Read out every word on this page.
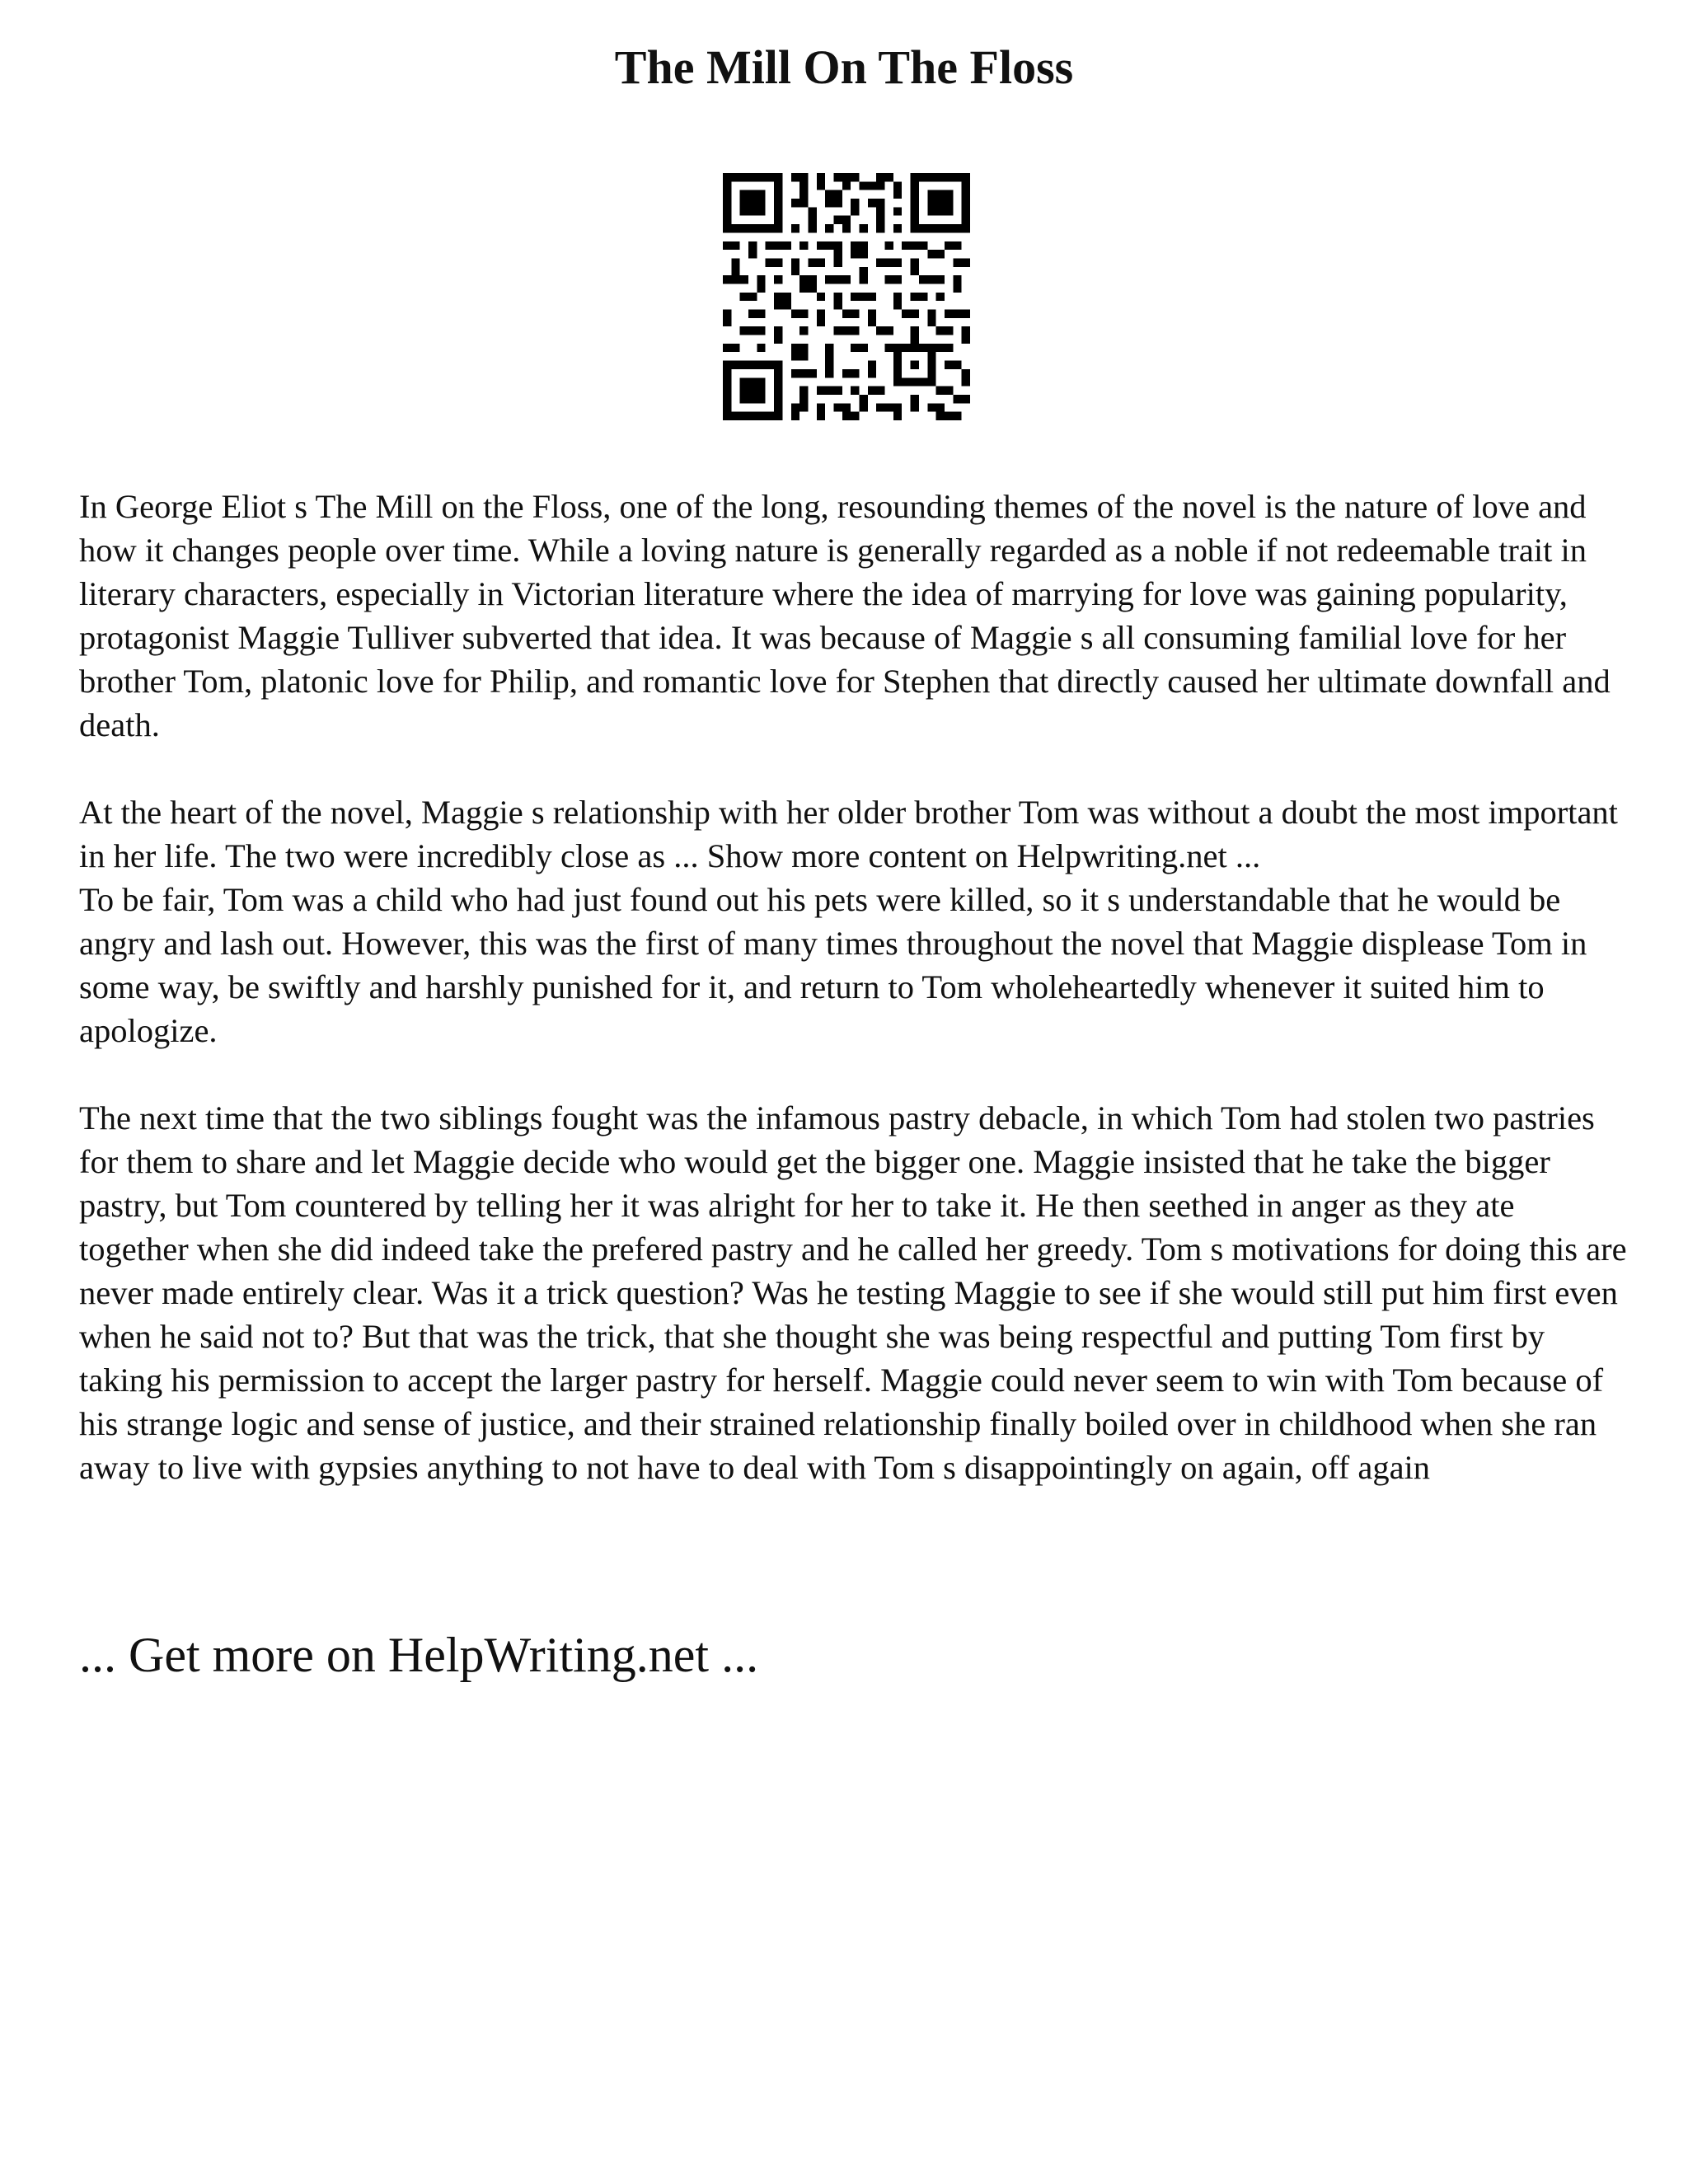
The Mill On The Floss

In George Eliot s The Mill on the Floss, one of the long, resounding themes of the novel is the nature of love and how it changes people over time. While a loving nature is generally regarded as a noble if not redeemable trait in literary characters, especially in Victorian literature where the idea of marrying for love was gaining popularity, protagonist Maggie Tulliver subverted that idea. It was because of Maggie s all consuming familial love for her brother Tom, platonic love for Philip, and romantic love for Stephen that directly caused her ultimate downfall and death.

At the heart of the novel, Maggie s relationship with her older brother Tom was without a doubt the most important in her life. The two were incredibly close as ... Show more content on Helpwriting.net ...

To be fair, Tom was a child who had just found out his pets were killed, so it s understandable that he would be angry and lash out. However, this was the first of many times throughout the novel that Maggie displease Tom in some way, be swiftly and harshly punished for it, and return to Tom wholeheartedly whenever it suited him to apologize.

The next time that the two siblings fought was the infamous pastry debacle, in which Tom had stolen two pastries for them to share and let Maggie decide who would get the bigger one. Maggie insisted that he take the bigger pastry, but Tom countered by telling her it was alright for her to take it. He then seethed in anger as they ate together when she did indeed take the prefered pastry and he called her greedy. Tom s motivations for doing this are never made entirely clear. Was it a trick question? Was he testing Maggie to see if she would still put him first even when he said not to? But that was the trick, that she thought she was being respectful and putting Tom first by taking his permission to accept the larger pastry for herself. Maggie could never seem to win with Tom because of his strange logic and sense of justice, and their strained relationship finally boiled over in childhood when she ran away to live with gypsies anything to not have to deal with Tom s disappointingly on again, off again

... Get more on HelpWriting.net ...
